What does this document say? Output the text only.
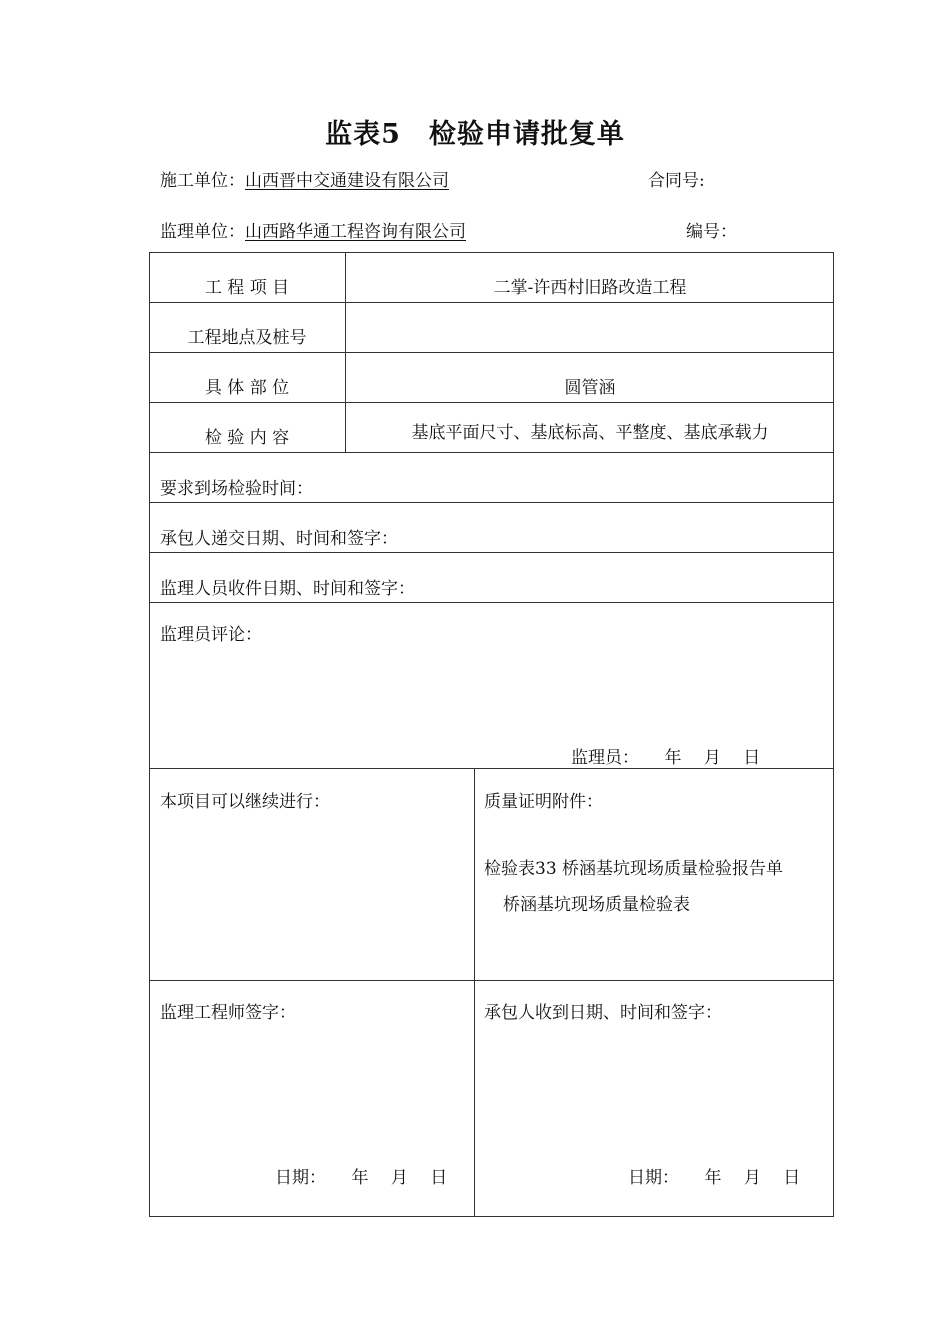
监表5　检验申请批复单
施工单位：山西晋中交通建设有限公司	合同号:
监理单位：山西路华通工程咨询有限公司	编号：
工 程 项 目	二掌-许西村旧路改造工程
工程地点及桩号
具 体 部 位	圆管涵
检 验 内 容	基底平面尺寸、基底标高、平整度、基底承载力
要求到场检验时间：
承包人递交日期、时间和签字：
监理人员收件日期、时间和签字：
监理员评论：
监理员：　　年　 月　 日
本项目可以继续进行：	质量证明附件：
检验表33 桥涵基坑现场质量检验报告单
桥涵基坑现场质量检验表
监理工程师签字：	承包人收到日期、时间和签字：
日期：　　年　 月　 日	日期：　　年　 月　 日
